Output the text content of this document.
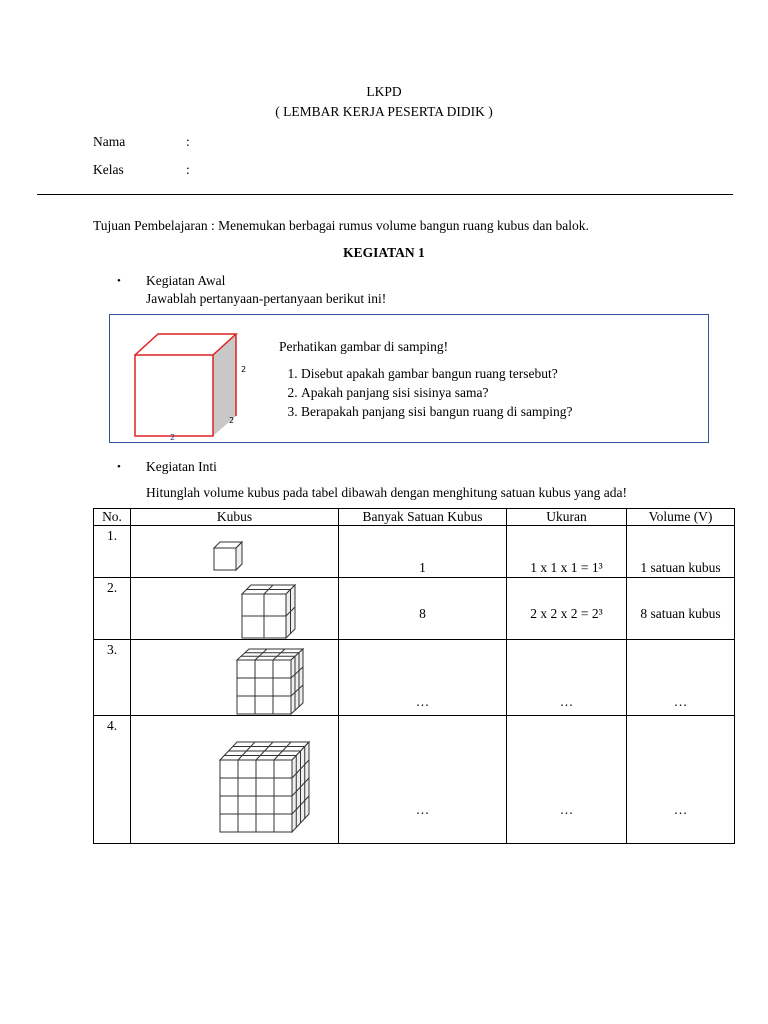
LKPD
( LEMBAR KERJA PESERTA DIDIK )
Nama	:
Kelas	:
Tujuan Pembelajaran : Menemukan berbagai rumus volume bangun ruang kubus dan balok.
KEGIATAN 1
• Kegiatan Awal
Jawablah pertanyaan-pertanyaan berikut ini!
2
2
2
Perhatikan gambar di samping!
1. Disebut apakah gambar bangun ruang tersebut?
2. Apakah panjang sisi sisinya sama?
3. Berapakah panjang sisi bangun ruang di samping?
• Kegiatan Inti
Hitunglah volume kubus pada tabel dibawah dengan menghitung satuan kubus yang ada!
No.	Kubus	Banyak Satuan Kubus	Ukuran	Volume (V)
1.		1	1 x 1 x 1 = 1³	1 satuan kubus

2.		8	2 x 2 x 2 = 2³	8 satuan kubus

3.		…	…	…

4.		…	…	…
